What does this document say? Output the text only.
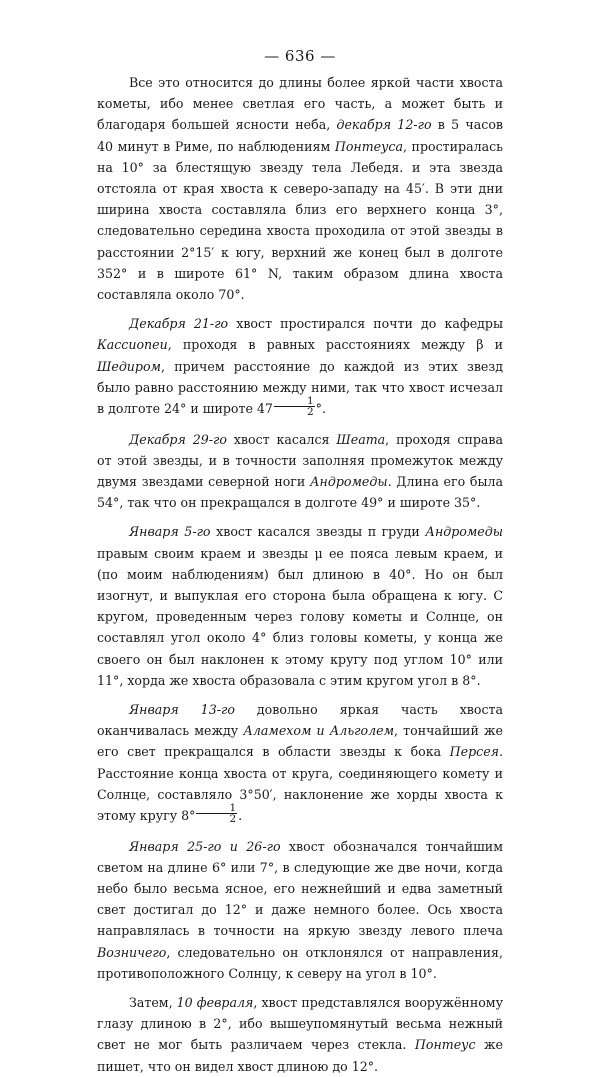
— 636 —

Все это относится до длины более яркой части хвоста кометы, ибо менее светлая его часть, а может быть и благодаря большей ясности неба, декабря 12-го в 5 часов 40 минут в Риме, по наблюдениям Понтеуса, простиралась на 10° за блестящую звезду тела Лебедя. и эта звезда отстояла от края хвоста к северо-западу на 45′. В эти дни ширина хвоста составляла близ его верхнего конца 3°, следовательно середина хвоста проходила от этой звезды в расстоянии 2°15′ к югу, верхний же конец был в долготе 352° и в широте 61° N, таким образом длина хвоста составляла около 70°.

Декабря 21-го хвост простирался почти до кафедры Кассиопеи, проходя в равных расстояниях между β и Шедиром, причем расстояние до каждой из этих звезд было равно расстоянию между ними, так что хвост исчезал в долготе 24° и широте $47 \frac{1}{2}$ °.

Декабря 29-го хвост касался Шеата, проходя справа от этой звезды, и в точности заполняя промежуток между двумя звездами северной ноги Андромеды. Длина его была 54°, так что он прекращался в долготе 49° и широте 35°.

Января 5-го хвост касался звезды π груди Андромеды правым своим краем и звезды μ ее пояса левым краем, и (по моим наблюдениям) был длиною в 40°. Но он был изогнут, и выпуклая его сторона была обращена к югу. С кругом, проведенным через голову кометы и Солнце, он составлял угол около 4° близ головы кометы, у конца же своего он был наклонен к этому кругу под углом 10° или 11°, хорда же хвоста образовала с этим кругом угол в 8°.

Января 13-го довольно яркая часть хвоста оканчивалась между Аламехом и Альголем, тончайший же его свет прекращался в области звезды κ бока Персея. Расстояние конца хвоста от круга, соединяющего комету и Солнце, составляло 3°50′, наклонение же хорды хвоста к этому кругу $8^\circ \frac{1}{2}$ .

Января 25-го и 26-го хвост обозначался тончайшим светом на длине 6° или 7°, в следующие же две ночи, когда небо было весьма ясное, его нежнейший и едва заметный свет достигал до 12° и даже немного более. Ось хвоста направлялась в точности на яркую звезду левого плеча Возничего, следовательно он отклонялся от направления, противоположного Солнцу, к северу на угол в 10°.

Затем, 10 февраля, хвост представлялся вооружённому глазу длиною в 2°, ибо вышеупомянутый весьма нежный свет не мог быть различаем через стекла. Понтеус же пишет, что он видел хвост длиною до 12°.
